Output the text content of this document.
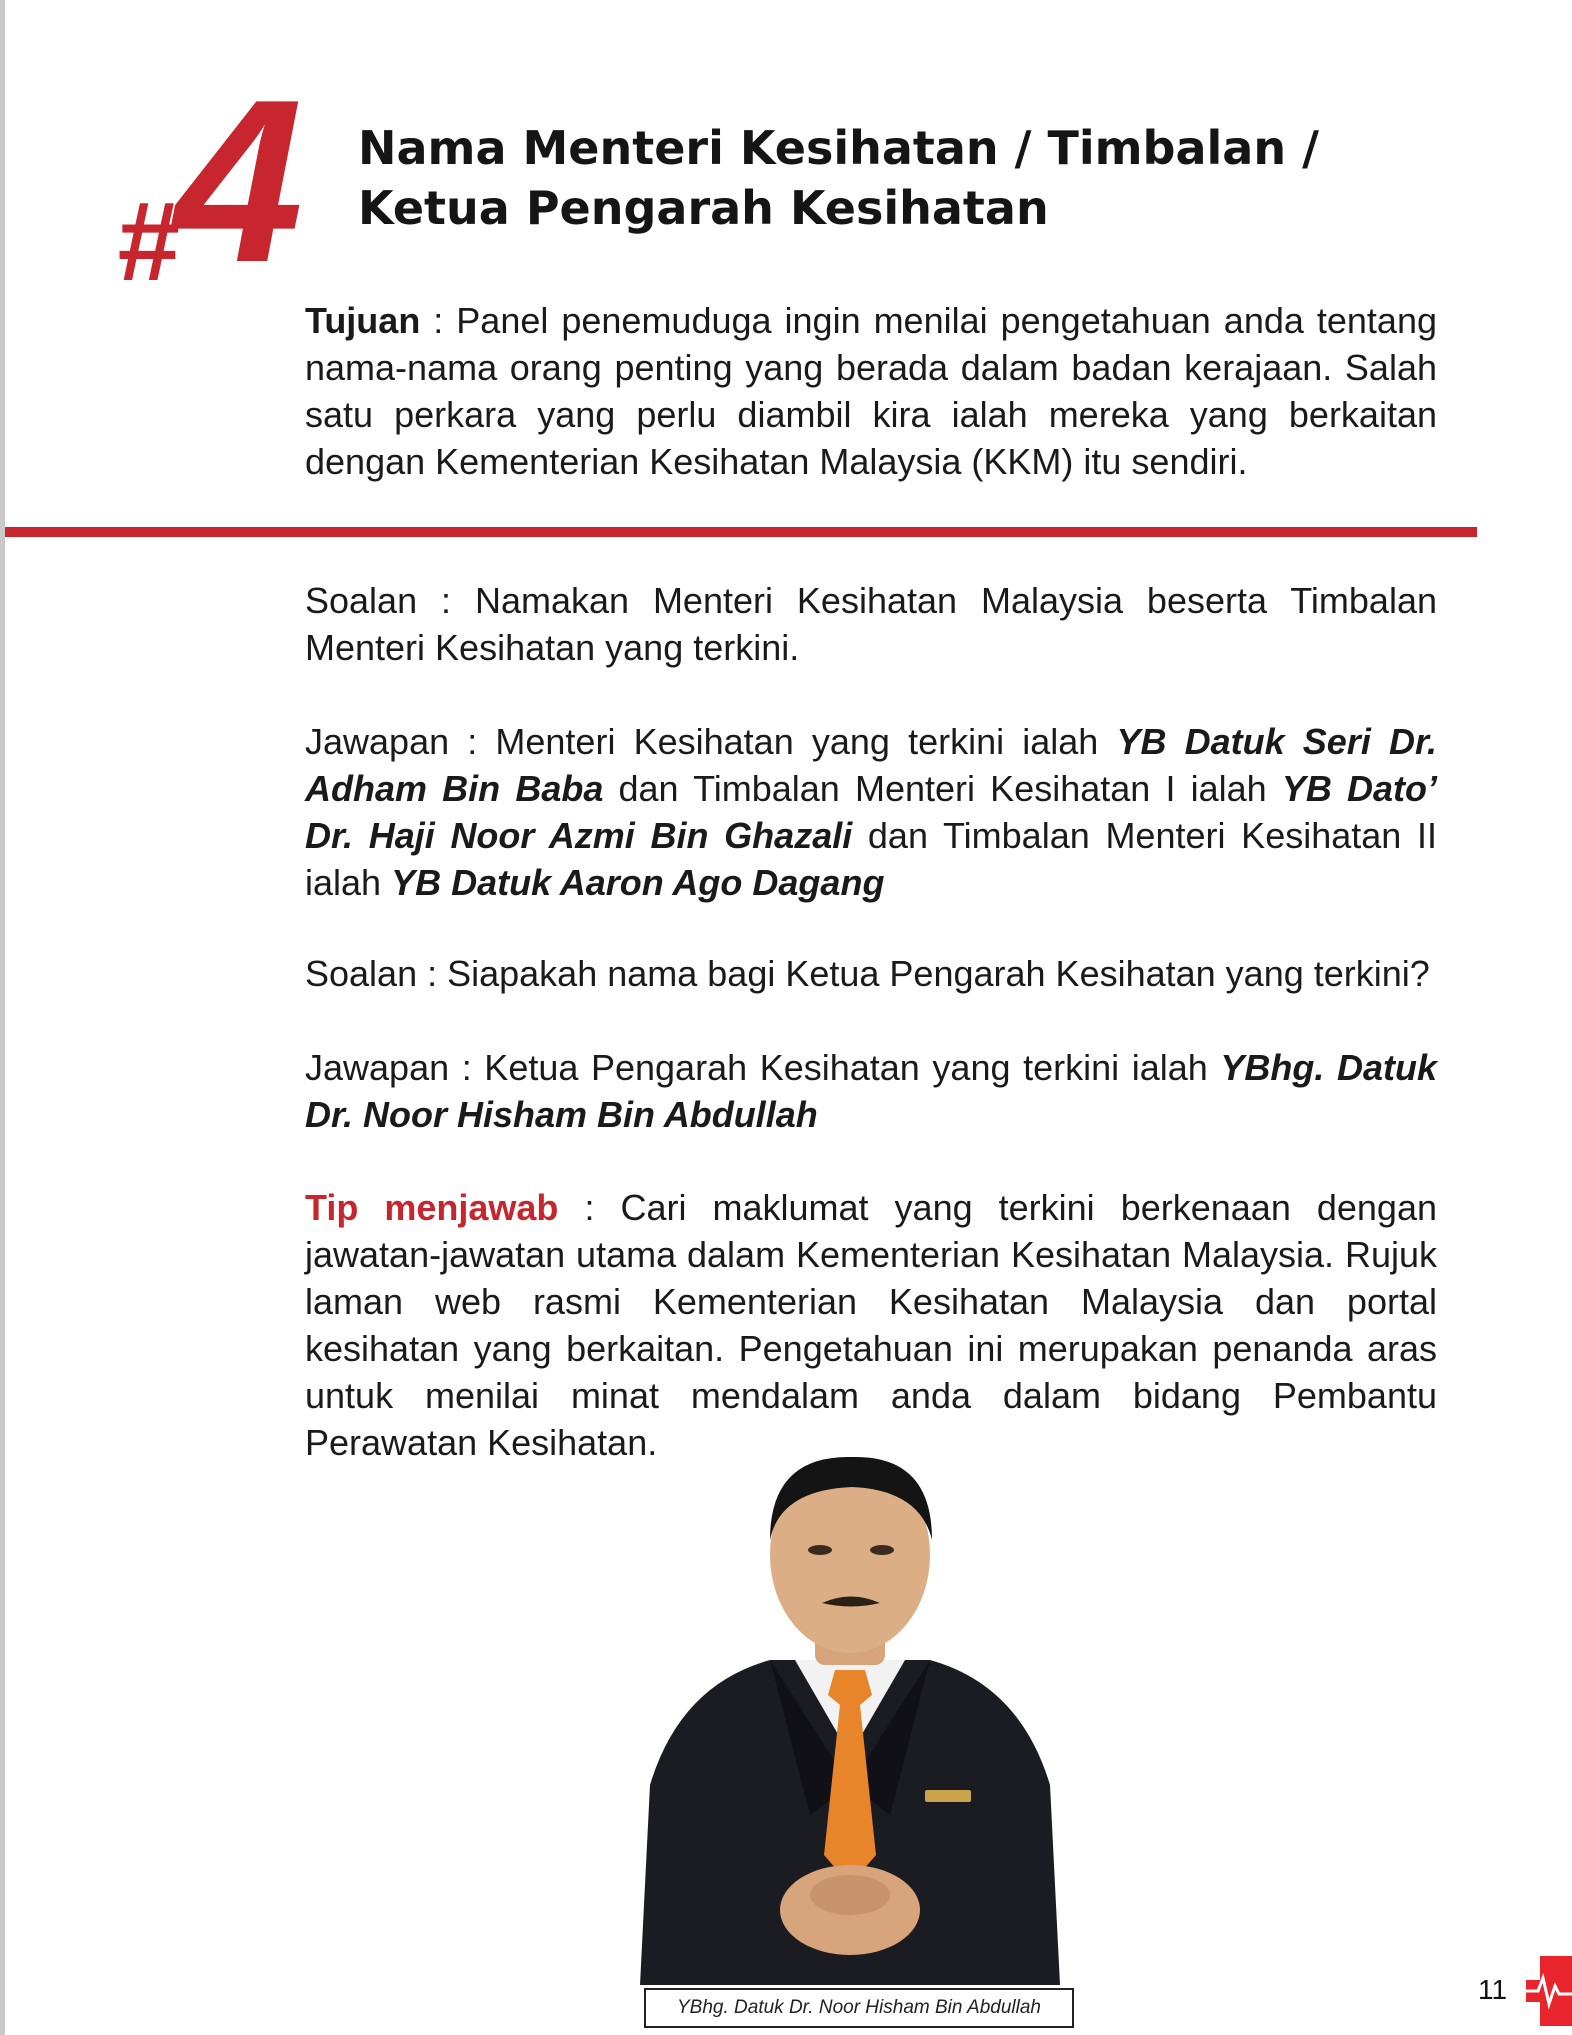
#4 Nama Menteri Kesihatan / Timbalan /
Ketua Pengarah Kesihatan
Tujuan : Panel penemuduga ingin menilai pengetahuan anda tentang nama-nama orang penting yang berada dalam badan kerajaan. Salah satu perkara yang perlu diambil kira ialah mereka yang berkaitan dengan Kementerian Kesihatan Malaysia (KKM) itu sendiri.
Soalan : Namakan Menteri Kesihatan Malaysia beserta Timbalan Menteri Kesihatan yang terkini.
Jawapan : Menteri Kesihatan yang terkini ialah YB Datuk Seri Dr. Adham Bin Baba dan Timbalan Menteri Kesihatan I ialah YB Dato’ Dr. Haji Noor Azmi Bin Ghazali dan Timbalan Menteri Kesihatan II ialah YB Datuk Aaron Ago Dagang
Soalan : Siapakah nama bagi Ketua Pengarah Kesihatan yang terkini?
Jawapan : Ketua Pengarah Kesihatan yang terkini ialah YBhg. Datuk Dr. Noor Hisham Bin Abdullah
Tip menjawab : Cari maklumat yang terkini berkenaan dengan jawatan-jawatan utama dalam Kementerian Kesihatan Malaysia. Rujuk laman web rasmi Kementerian Kesihatan Malaysia dan portal kesihatan yang berkaitan. Pengetahuan ini merupakan penanda aras untuk menilai minat mendalam anda dalam bidang Pembantu Perawatan Kesihatan.
YBhg. Datuk Dr. Noor Hisham Bin Abdullah
11
